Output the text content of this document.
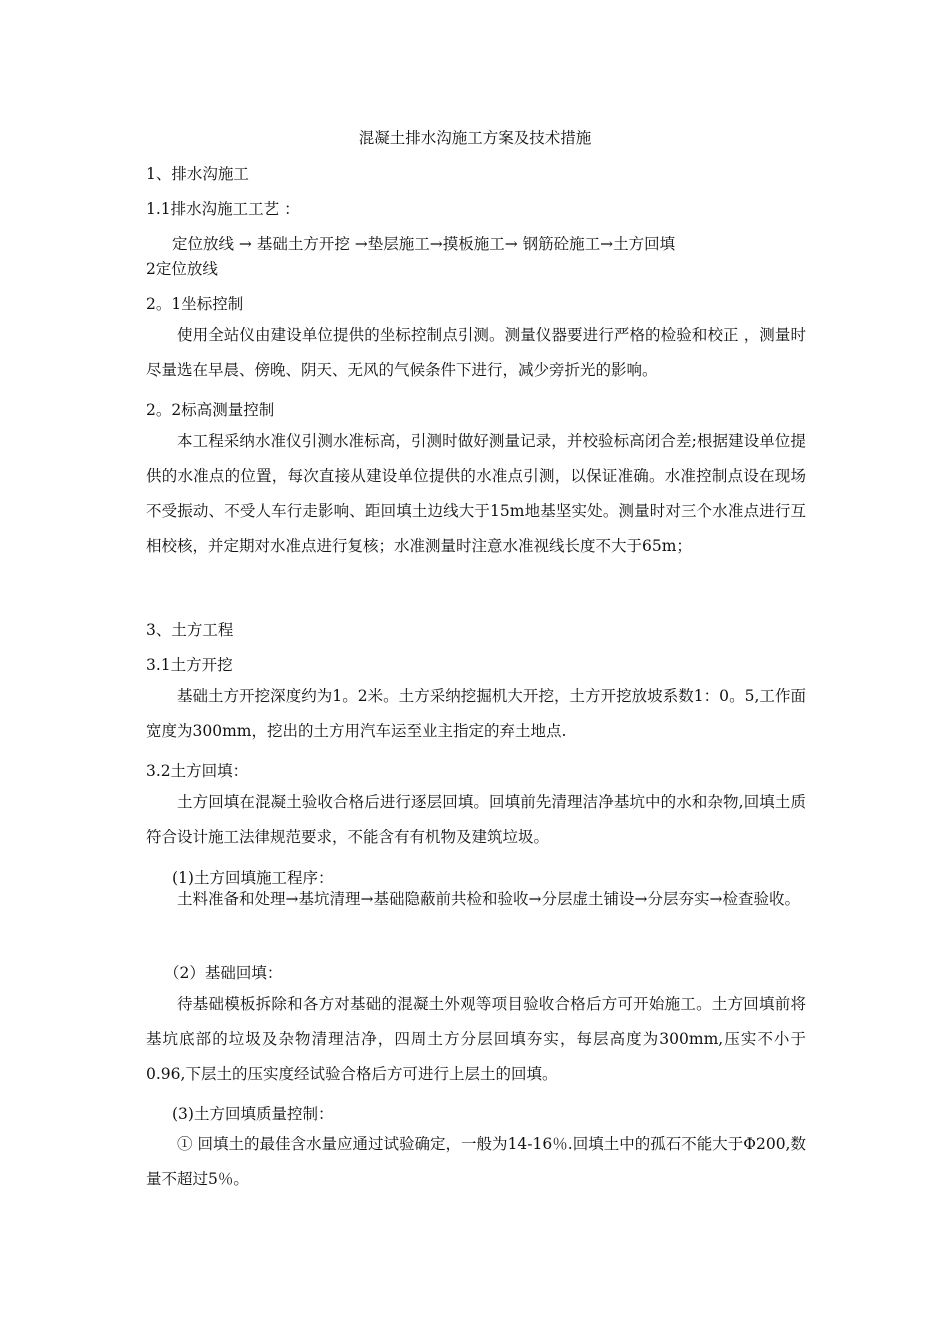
混凝土排水沟施工方案及技术措施
1、排水沟施工
1.1排水沟施工工艺 ：
定位放线 → 基础土方开挖 →垫层施工→摸板施工→ 钢筋砼施工→土方回填
2定位放线
2。1坐标控制
使用全站仪由建设单位提供的坐标控制点引测。测量仪器要进行严格的检验和校正 ，测量时尽量选在早晨、傍晚、阴天、无风的气候条件下进行，减少旁折光的影响。
2。2标高测量控制
本工程采纳水准仪引测水准标高，引测时做好测量记录，并校验标高闭合差;根据建设单位提供的水准点的位置，每次直接从建设单位提供的水准点引测，以保证准确。水准控制点设在现场不受振动、不受人车行走影响、距回填土边线大于15m地基坚实处。测量时对三个水准点进行互相校核，并定期对水准点进行复核；水准测量时注意水准视线长度不大于65m；
3、土方工程
3.1土方开挖
基础土方开挖深度约为1。2米。土方采纳挖掘机大开挖，土方开挖放坡系数1：0。5,工作面宽度为300mm，挖出的土方用汽车运至业主指定的弃土地点.
3.2土方回填：
土方回填在混凝土验收合格后进行逐层回填。回填前先清理洁净基坑中的水和杂物,回填土质符合设计施工法律规范要求，不能含有有机物及建筑垃圾。
(1)土方回填施工程序：
土料准备和处理→基坑清理→基础隐蔽前共检和验收→分层虚土铺设→分层夯实→检查验收。
（2）基础回填：
待基础模板拆除和各方对基础的混凝土外观等项目验收合格后方可开始施工。土方回填前将基坑底部的垃圾及杂物清理洁净，四周土方分层回填夯实，每层高度为300mm,压实不小于0.96,下层土的压实度经试验合格后方可进行上层土的回填。
(3)土方回填质量控制：
① 回填土的最佳含水量应通过试验确定，一般为14-16％.回填土中的孤石不能大于Φ200,数量不超过5％。
